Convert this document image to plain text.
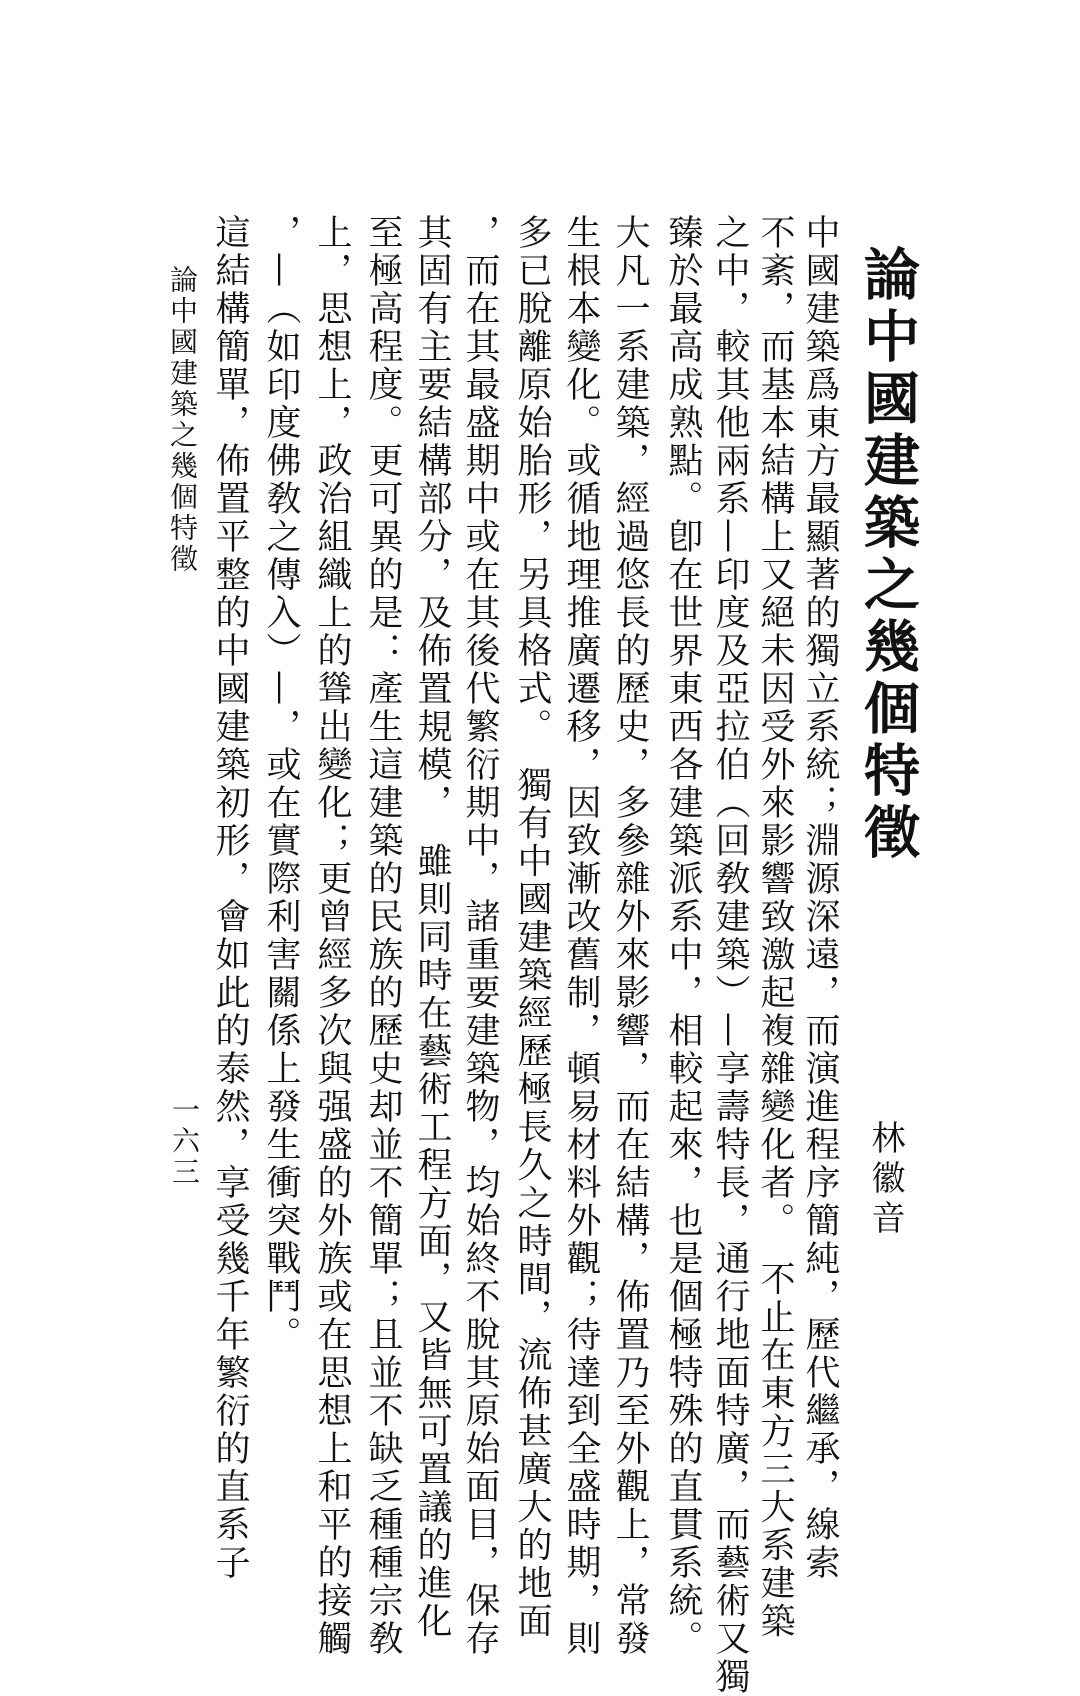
論中國建築之幾個特徵
林徽音
中國建築爲東方最顯著的獨立系統；淵源深遠，而演進程序簡純，歷代繼承，線索
不紊，而基本結構上又絕未因受外來影響致激起複雜變化者。　不止在東方三大系建築
之中，較其他兩系—印度及亞拉伯（回敎建築）—享壽特長，通行地面特廣，而藝術又獨
臻於最高成熟點。卽在世界東西各建築派系中，相較起來，也是個極特殊的直貫系統。
大凡一系建築，經過悠長的歷史，多參雜外來影響，而在結構，佈置乃至外觀上，常發
生根本變化。或循地理推廣遷移，因致漸改舊制，頓易材料外觀；待達到全盛時期，則
多已脫離原始胎形，另具格式。　獨有中國建築經歷極長久之時間，流佈甚廣大的地面
，而在其最盛期中或在其後代繁衍期中，諸重要建築物，均始終不脫其原始面目，保存
其固有主要結構部分，及佈置規模，　雖則同時在藝術工程方面，又皆無可置議的進化
至極高程度。更可異的是：產生這建築的民族的歷史却並不簡單；且並不缺乏種種宗敎
上，思想上，政治組織上的聳出變化；更曾經多次與强盛的外族或在思想上和平的接觸
，—（如印度佛敎之傳入）—，或在實際利害關係上發生衝突戰鬥。
這結構簡單，佈置平整的中國建築初形，會如此的泰然，享受幾千年繁衍的直系子
論中國建築之幾個特徵
一六三
